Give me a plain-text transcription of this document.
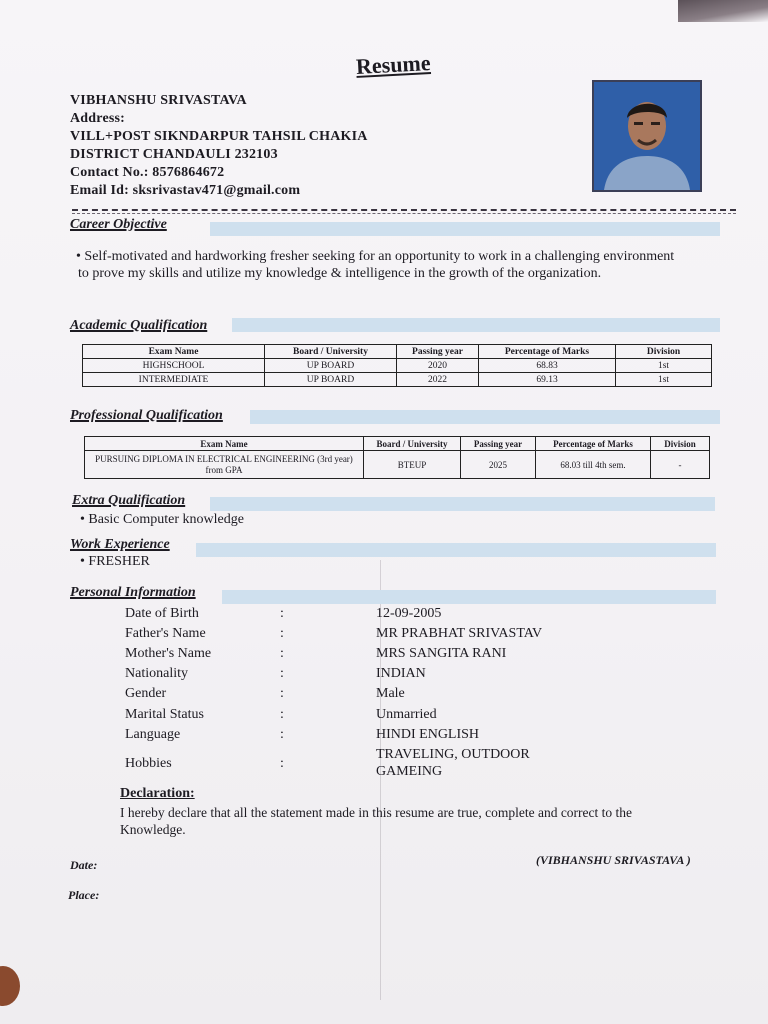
Resume
VIBHANSHU SRIVASTAVA
Address:
VILL+POST SIKNDARPUR TAHSIL CHAKIA
DISTRICT CHANDAULI 232103
Contact No.: 8576864672
Email Id: sksrivastav471@gmail.com
Career Objective
• Self-motivated and hardworking fresher seeking for an opportunity to work in a challenging environment to prove my skills and utilize my knowledge & intelligence in the growth of the organization.
Academic Qualification
Exam Name	Board / University	Passing year	Percentage of Marks	Division
HIGHSCHOOL	UP BOARD	2020	68.83	1st
INTERMEDIATE	UP BOARD	2022	69.13	1st
Professional Qualification
Exam Name	Board / University	Passing year	Percentage of Marks	Division
PURSUING DIPLOMA IN ELECTRICAL ENGINEERING (3rd year) from GPA	BTEUP	2025	68.03 till 4th sem.	-
Extra Qualification
• Basic Computer knowledge
Work Experience
• FRESHER
Personal Information
Date of Birth	:	12-09-2005
Father's Name	:	MR PRABHAT SRIVASTAV
Mother's Name	:	MRS SANGITA RANI
Nationality	:	INDIAN
Gender	:	Male
Marital Status	:	Unmarried
Language	:	HINDI ENGLISH
Hobbies	:
TRAVELING, OUTDOOR GAMEING
Declaration:
I hereby declare that all the statement made in this resume are true, complete and correct to the Knowledge.
Date:	(VIBHANSHU SRIVASTAVA )
Place:
